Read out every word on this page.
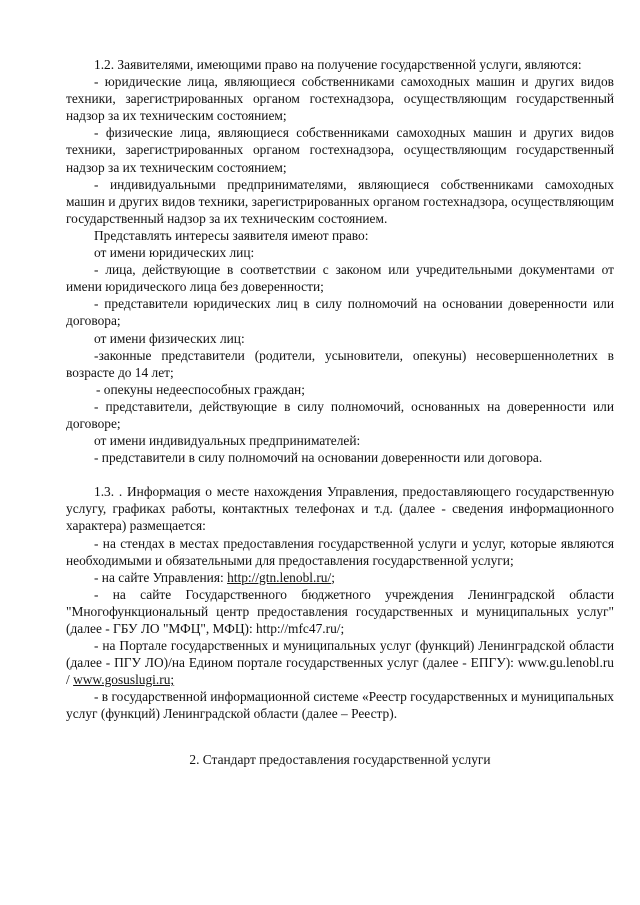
1.2. Заявителями, имеющими право на получение государственной услуги, являются:

- юридические лица, являющиеся собственниками самоходных машин и других видов техники, зарегистрированных органом гостехнадзора, осуществляющим государственный надзор за их техническим состоянием;

- физические лица, являющиеся собственниками самоходных машин и других видов техники, зарегистрированных органом гостехнадзора, осуществляющим государственный надзор за их техническим состоянием;

- индивидуальными предпринимателями, являющиеся собственниками самоходных машин и других видов техники, зарегистрированных органом гостехнадзора, осуществляющим государственный надзор за их техническим состоянием.

Представлять интересы заявителя имеют право:

от имени юридических лиц:

- лица, действующие в соответствии с законом или учредительными документами от имени юридического лица без доверенности;

- представители юридических лиц в силу полномочий на основании доверенности или договора;

от имени физических лиц:

-законные представители (родители, усыновители, опекуны) несовершеннолетних в возрасте до 14 лет;

- опекуны недееспособных граждан;

- представители, действующие в силу полномочий, основанных на доверенности или договоре;

от имени индивидуальных предпринимателей:

- представители в силу полномочий на основании доверенности или договора.

1.3. . Информация о месте нахождения Управления, предоставляющего государственную услугу, графиках работы, контактных телефонах и т.д. (далее - сведения информационного характера) размещается:

- на стендах в местах предоставления государственной услуги и услуг, которые являются необходимыми и обязательными для предоставления государственной услуги;

- на сайте Управления: http://gtn.lenobl.ru/;

- на сайте Государственного бюджетного учреждения Ленинградской области "Многофункциональный центр предоставления государственных и муниципальных услуг" (далее - ГБУ ЛО "МФЦ", МФЦ): http://mfc47.ru/;

- на Портале государственных и муниципальных услуг (функций) Ленинградской области (далее - ПГУ ЛО)/на Едином портале государственных услуг (далее - ЕПГУ): www.gu.lenobl.ru / www.gosuslugi.ru;

- в государственной информационной системе «Реестр государственных и муниципальных услуг (функций) Ленинградской области (далее – Реестр).

2. Стандарт предоставления государственной услуги
